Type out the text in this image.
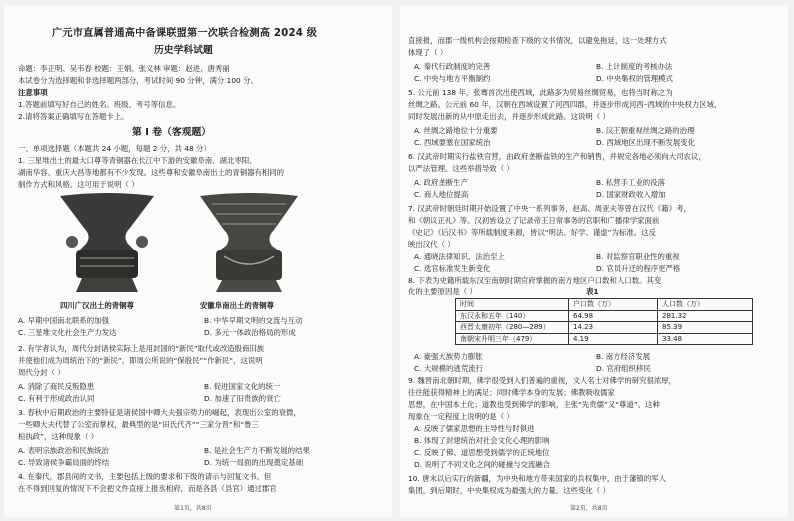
广元市直属普通高中备课联盟第一次联合检测高 2024 级
历史学科试题
命题：李正明、吴韦春 校题：王娟、张义林 审题：赵进、唐秀丽
本试卷分为选择题和非选择题两部分，考试时间 90 分钟，满分 100 分。
注意事项
1.答题前填写好自己的姓名、班级、考号等信息。
2.请将答案正确填写在答题卡上。
第 I 卷（客观题）
一、单项选择题（本题共 24 小题，每题 2 分，共 48 分）
1. 三星堆出土的最大口尊等青铜器在长江中下游的安徽阜南、湖北枣阳、
湖南华容、重庆大昌等地都有不少发现。这些尊和安徽阜南出土的青铜器有相同的
制作方式和风格。这可用于说明（ ）
四川广汉出土的青铜尊	安徽阜南出土的青铜尊
A. 早期中国南北联系的加强	B. 中华早期文明的交流与互动
C. 三星堆文化社会生产力发达	D. 多元一体政治格局的形成
2. 有学者认为，周代分封诸侯实际上是用封国的“新民”取代或改造殷商旧族
并使他们成为周统治下的“新民”，即周公所说的“保殷民”“作新民”，这说明
周代分封（ ）
A. 消除了商民反叛隐患	B. 促进国家文化的统一
C. 有利于形成政治认同	D. 加速了旧贵族的衰亡
3. 春秋中后期政治的主要特征是诸侯国中卿大夫强宗势力的崛起，表现出公室的衰微，
一些卿大夫代替了公室而掌权，最典型的是“田氏代齐”“三家分晋”和“鲁三
桓执政”，这种现象（ ）
A. 表明宗族政治和民族统治	B. 是社会生产力不断发展的结果
C. 导致诸侯争霸局面的终结	D. 为统一局面的出现奠定基础
4. 在秦代，郡县间的文书，主要包括上级的要求和下级的请示与回复文书。但
在不得到回复的情况下不会把文件直接上报丞相府，而是各县（县官）通过郡官
第1页，共8页
直接报，而郡一级机构会按期检查下级的文书情况，以避免拖延，这一处理方式
体现了（ ）
A. 秦代行政制度的完善	B. 上计制度的考核办法
C. 中央与地方平衡制约	D. 中央集权的管理模式
5. 公元前 138 年，张骞首次出使西域，此路多为贸易丝绸贸易，也将当时称之为
丝绸之路。公元前 60 年，汉朝在西域设置了河西四郡，并逐步形成河西–西域的中央权力区域，
同时发展出新的从中原走出去，并逐步形成此路。这说明（ ）
A. 丝绸之路地位十分重要	B. 汉王朝重视丝绸之路的治理
C. 西域要塞在国家统治	D. 西域地区出现不断发展变化
6. 汉武帝时期实行盐铁官营，由政府垄断盐铁的生产和销售，并规定各地必须向大司农议，
以严法管理。这些举措导致（ ）
A. 政府垄断生产	B. 私营手工业的没落
C. 商人地位提高	D. 国家财政收入增加
7. 汉武帝时朝廷时期开始设置了中央一系列事务，赵高、周亚夫等曾在汉代《籍》考，
和《朝议正礼》等。汉初皆设立了记录帝王日常事务的官职和广播律学家面前
《史记》《后汉书》等所载制度来源，皆以“明法、好学、谨虚”为标准。这反
映出汉代（ ）
A. 通晓法律知识、法治至上	B. 对监察官职业性的重视
C. 选官标准发生新变化	D. 官员升迁的程序更严格
8. 下表为史籍所载东汉至南朝时期官府掌握的南方地区户口数和人口数。其变
化的主要原因是（ ）	表1
时间	户口数（万）	人口数（万）
东汉永和五年（140）	64.98	281.32
西晋太康初年（280—289）	14.23	85.39
南朝宋升明三年（479）	4.19	33.48
A. 豪强大族势力膨胀	B. 南方经济发展
C. 大规模的逃荒流行	D. 官府组织移民
9. 魏晋南北朝时期，佛学很受到人们普遍的重视，文人名士对佛学的研究很浓厚，
往往能获得精神上的满足；同时佛学本身的发展；佛教吸收儒家
思想，在中国本土化；道教也受到佛学的影响，主张“先贵儒”又“尊道”。这种
现象在一定程度上说明的是（ ）
A. 反映了儒家思想的主导性与时俱进
B. 体现了封建统治对社会文化心理的影响
C. 反映了佛、道思想受到儒学的正统地位
D. 说明了不同文化之间的碰撞与交流融合
10. 唐末以后实行的新疆，为中央和地方带来国家的兵权集中，由于藩镇的军人
集团，到后期时，中央集权成为最强大的力量。这些变化（ ）
第2页，共8页
